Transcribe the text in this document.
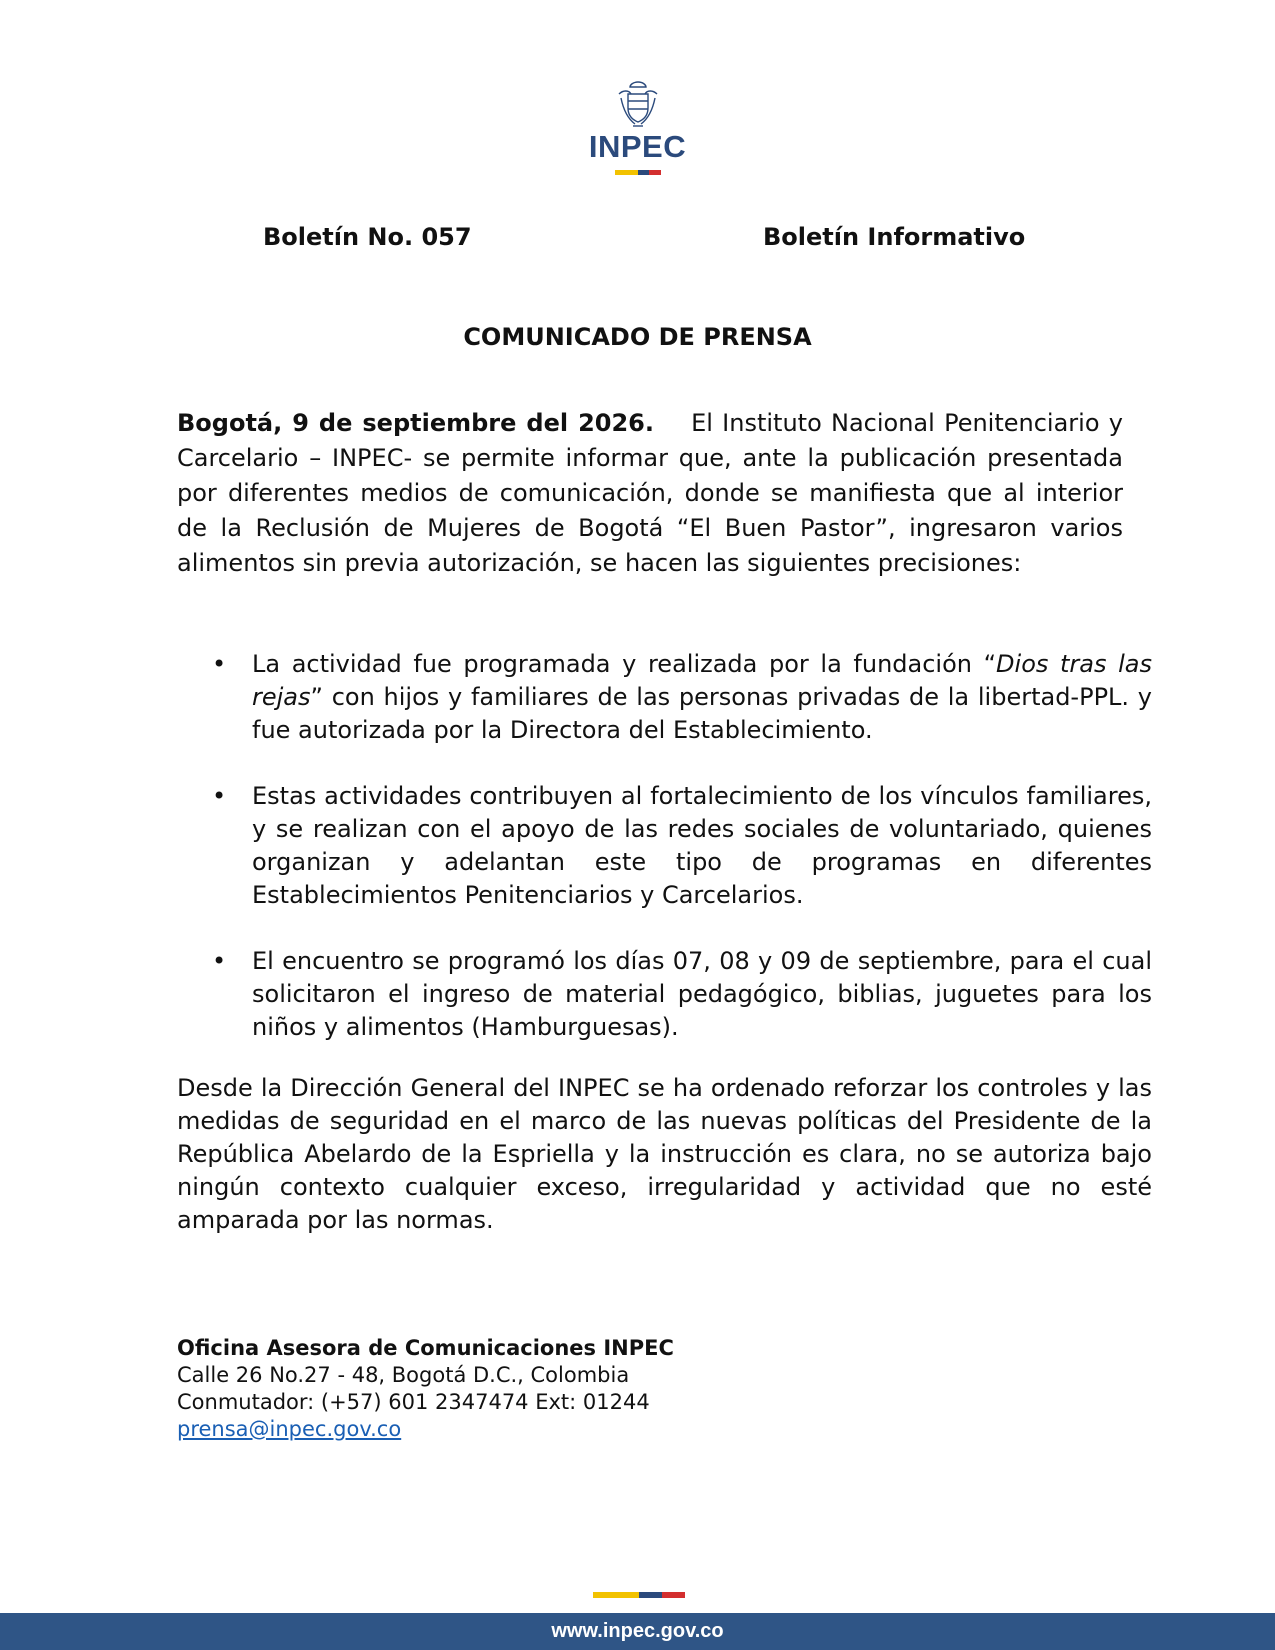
INPEC
Boletín No. 057	Boletín Informativo
COMUNICADO DE PRENSA

Bogotá, 9 de septiembre del 2026. El Instituto Nacional Penitenciario y Carcelario – INPEC- se permite informar que, ante la publicación presentada por diferentes medios de comunicación, donde se manifiesta que al interior de la Reclusión de Mujeres de Bogotá “El Buen Pastor”, ingresaron varios alimentos sin previa autorización, se hacen las siguientes precisiones:

• La actividad fue programada y realizada por la fundación “Dios tras las rejas” con hijos y familiares de las personas privadas de la libertad-PPL. y fue autorizada por la Directora del Establecimiento.
• Estas actividades contribuyen al fortalecimiento de los vínculos familiares, y se realizan con el apoyo de las redes sociales de voluntariado, quienes organizan y adelantan este tipo de programas en diferentes Establecimientos Penitenciarios y Carcelarios.
• El encuentro se programó los días 07, 08 y 09 de septiembre, para el cual solicitaron el ingreso de material pedagógico, biblias, juguetes para los niños y alimentos (Hamburguesas).

Desde la Dirección General del INPEC se ha ordenado reforzar los controles y las medidas de seguridad en el marco de las nuevas políticas del Presidente de la República Abelardo de la Espriella y la instrucción es clara, no se autoriza bajo ningún contexto cualquier exceso, irregularidad y actividad que no esté amparada por las normas.

Oficina Asesora de Comunicaciones INPEC
Calle 26 No.27 - 48, Bogotá D.C., Colombia
Conmutador: (+57) 601 2347474 Ext: 01244
prensa@inpec.gov.co
www.inpec.gov.co
